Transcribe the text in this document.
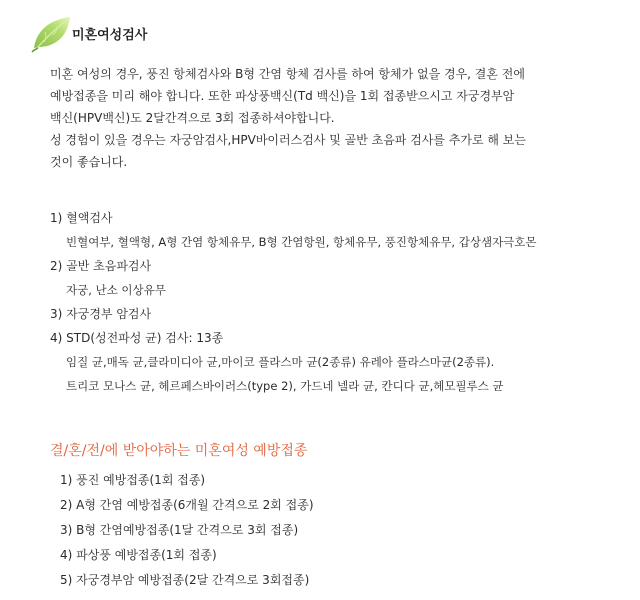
미혼여성검사
미혼 여성의 경우, 풍진 항체검사와 B형 간염 항체 검사를 하여 항체가 없을 경우, 결혼 전에
예방접종을 미리 해야 합니다. 또한 파상풍백신(Td 백신)을 1회 접종받으시고 자궁경부암
백신(HPV백신)도 2달간격으로 3회 접종하셔야합니다.
성 경험이 있을 경우는 자궁암검사,HPV바이러스검사 및 골반 초음파 검사를 추가로 해 보는
것이 좋습니다.
1) 혈액검사
빈혈여부, 혈액형, A형 간염 항체유무, B형 간염항원, 항체유무, 풍진항체유무, 갑상샘자극호몬
2) 골반 초음파검사
자궁, 난소 이상유무
3) 자궁경부 암검사
4) STD(성전파성 균) 검사: 13종
임질 균,매독 균,클라미디아 균,마이코 플라스마 균(2종류) 유레아 플라스마균(2종류).
트리코 모나스 균, 헤르페스바이러스(type 2), 가드네 넬라 균, 칸디다 균,헤모필루스 균
결/혼/전/에 받아야하는 미혼여성 예방접종
1) 풍진 예방접종(1회 접종)
2) A형 간염 예방접종(6개월 간격으로 2회 접종)
3) B형 간염예방접종(1달 간격으로 3회 접종)
4) 파상풍 예방접종(1회 접종)
5) 자궁경부암 예방접종(2달 간격으로 3회접종)
